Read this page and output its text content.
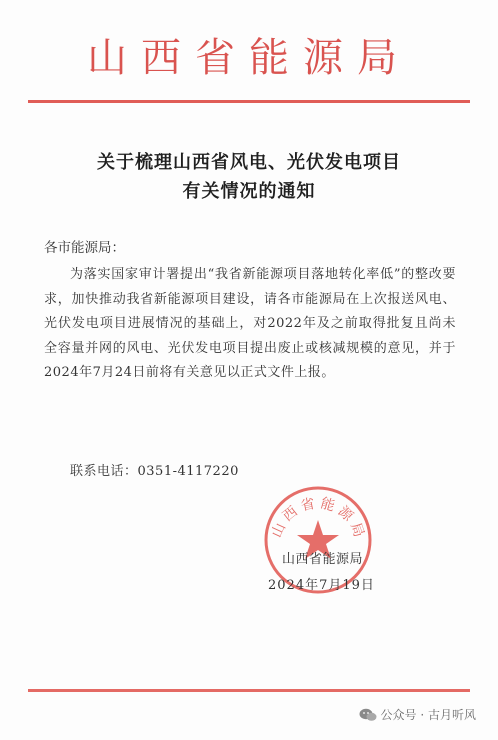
山西省能源局
关于梳理山西省风电、光伏发电项目
有关情况的通知
各市能源局：

为落实国家审计署提出“我省新能源项目落地转化率低”的整改要求，加快推动我省新能源项目建设，请各市能源局在上次报送风电、光伏发电项目进展情况的基础上，对2022年及之前取得批复且尚未全容量并网的风电、光伏发电项目提出废止或核减规模的意见，并于2024年7月24日前将有关意见以正式文件上报。

联系电话：0351-4117220
山西省能源局
山西省能源局
2024年7月19日
公众号 · 古月听风
